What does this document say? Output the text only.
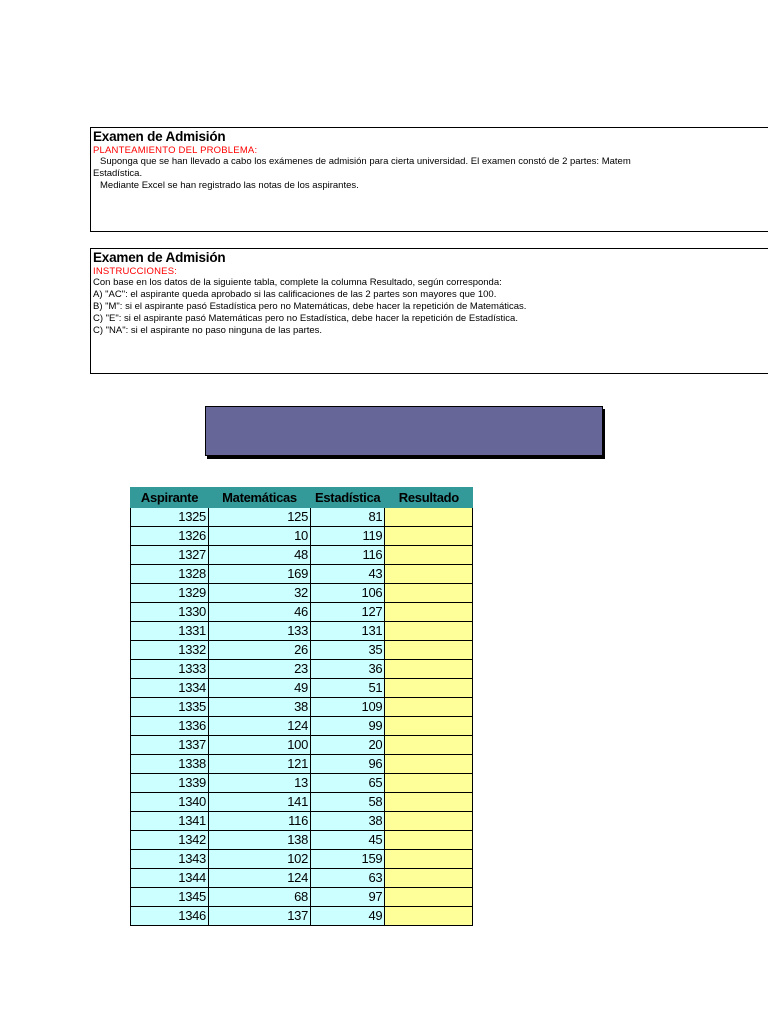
Examen de Admisión
PLANTEAMIENTO DEL PROBLEMA:
Suponga que se han llevado a cabo los exámenes de admisión para cierta universidad. El examen constó de 2 partes: Matem
Estadística.
Mediante Excel se han registrado las notas de los aspirantes.
Examen de Admisión
INSTRUCCIONES:
Con base en los datos de la siguiente tabla, complete la columna Resultado, según corresponda:
A) "AC": el aspirante queda aprobado si las calificaciones de las 2 partes son mayores que 100.
B) "M": si el aspirante pasó Estadística pero no Matemáticas, debe hacer la repetición de Matemáticas.
C) "E": si el aspirante pasó Matemáticas pero no Estadística, debe hacer la repetición de Estadística.
C) "NA": si el aspirante no paso ninguna de las partes.
Aspirante	Matemáticas	Estadística	Resultado
1325	125	81	
1326	10	119	
1327	48	116	
1328	169	43	
1329	32	106	
1330	46	127	
1331	133	131	
1332	26	35	
1333	23	36	
1334	49	51	
1335	38	109	
1336	124	99	
1337	100	20	
1338	121	96	
1339	13	65	
1340	141	58	
1341	116	38	
1342	138	45	
1343	102	159	
1344	124	63	
1345	68	97	
1346	137	49	
